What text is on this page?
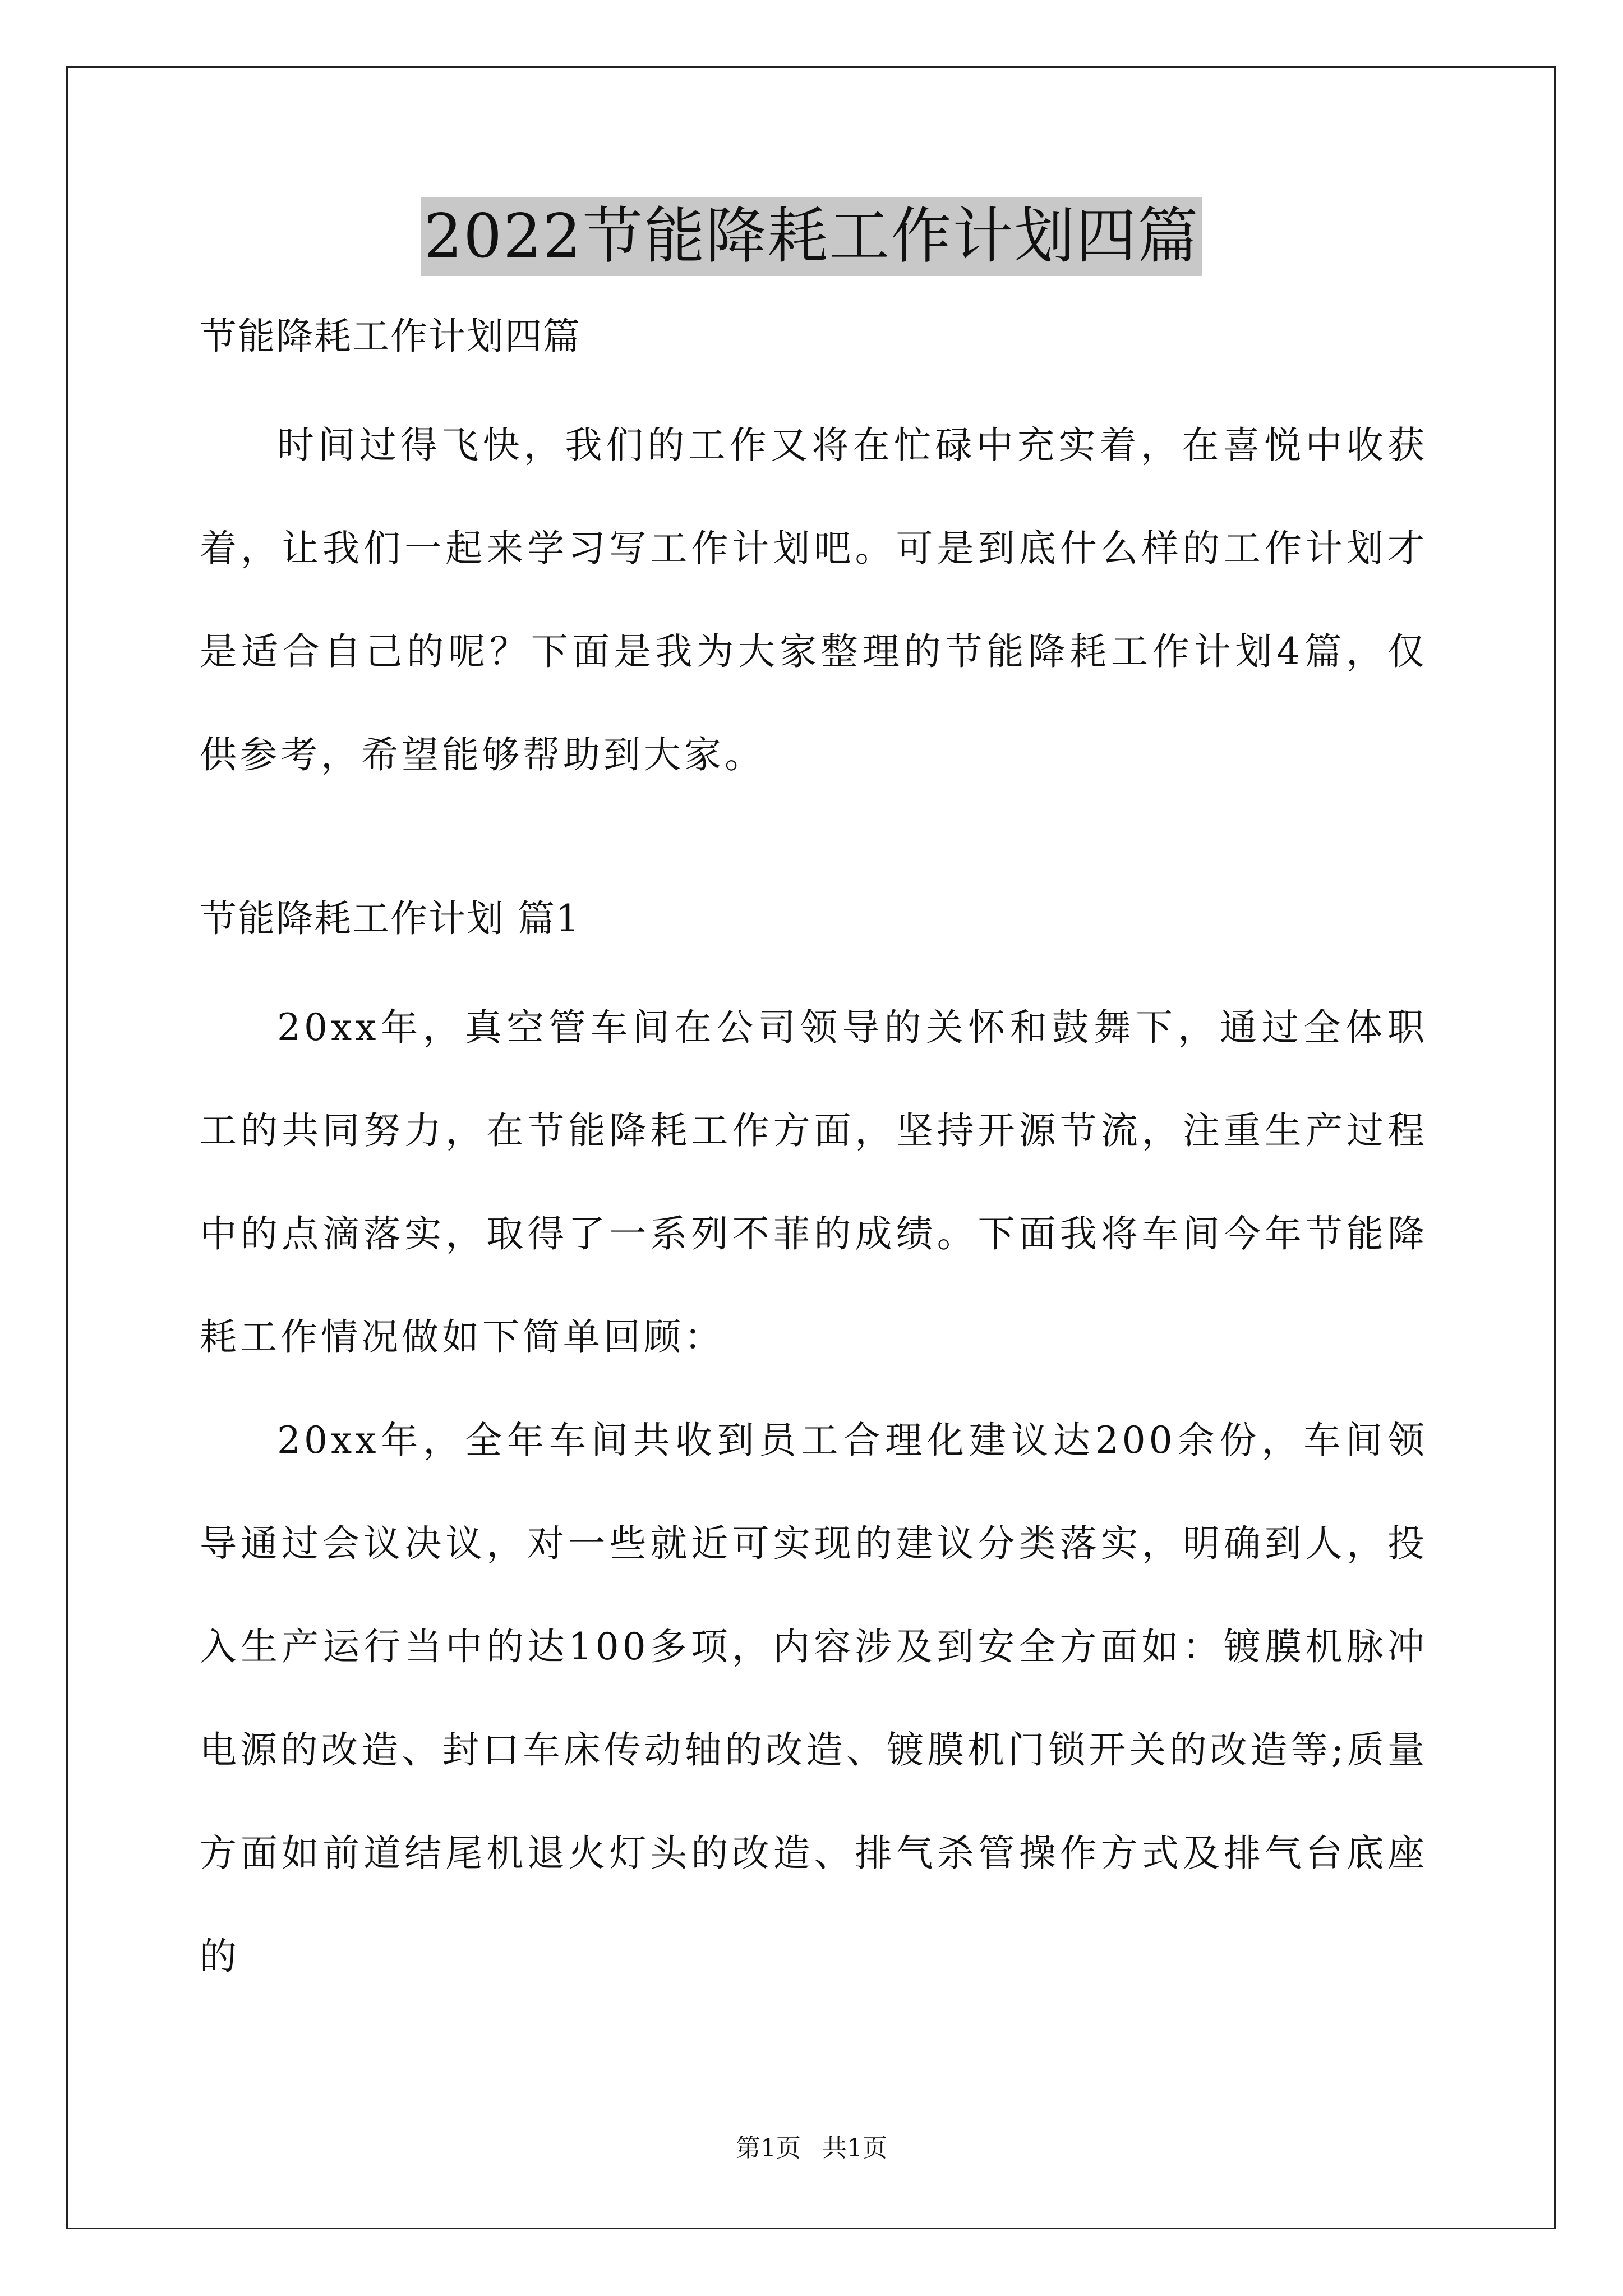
2022节能降耗工作计划四篇
节能降耗工作计划四篇

时间过得飞快，我们的工作又将在忙碌中充实着，在喜悦中收获着，让我们一起来学习写工作计划吧。可是到底什么样的工作计划才是适合自己的呢？下面是我为大家整理的节能降耗工作计划4篇，仅供参考，希望能够帮助到大家。

节能降耗工作计划 篇1

20xx年，真空管车间在公司领导的关怀和鼓舞下，通过全体职工的共同努力，在节能降耗工作方面，坚持开源节流，注重生产过程中的点滴落实，取得了一系列不菲的成绩。下面我将车间今年节能降耗工作情况做如下简单回顾：

20xx年，全年车间共收到员工合理化建议达200余份，车间领导通过会议决议，对一些就近可实现的建议分类落实，明确到人，投入生产运行当中的达100多项，内容涉及到安全方面如：镀膜机脉冲电源的改造、封口车床传动轴的改造、镀膜机门锁开关的改造等;质量方面如前道结尾机退火灯头的改造、排气杀管操作方式及排气台底座的

第1页 共1页
